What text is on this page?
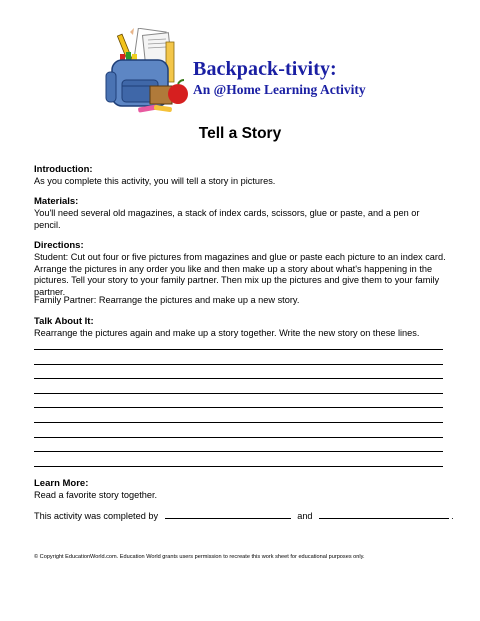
Backpack-tivity:
An @Home Learning Activity
Tell a Story
Introduction:
As you complete this activity, you will tell a story in pictures.
Materials:
You'll need several old magazines, a stack of index cards, scissors, glue or paste, and a pen or pencil.
Directions:
Student: Cut out four or five pictures from magazines and glue or paste each picture to an index card. Arrange the pictures in any order you like and then make up a story about what's happening in the pictures. Tell your story to your family partner. Then mix up the pictures and give them to your family partner.
Family Partner: Rearrange the pictures and make up a new story.
Talk About It:
Rearrange the pictures again and make up a story together. Write the new story on these lines.
Learn More:
Read a favorite story together.
This activity was completed by	and	.
© Copyright EducationWorld.com. Education World grants users permission to recreate this work sheet for educational purposes only.
